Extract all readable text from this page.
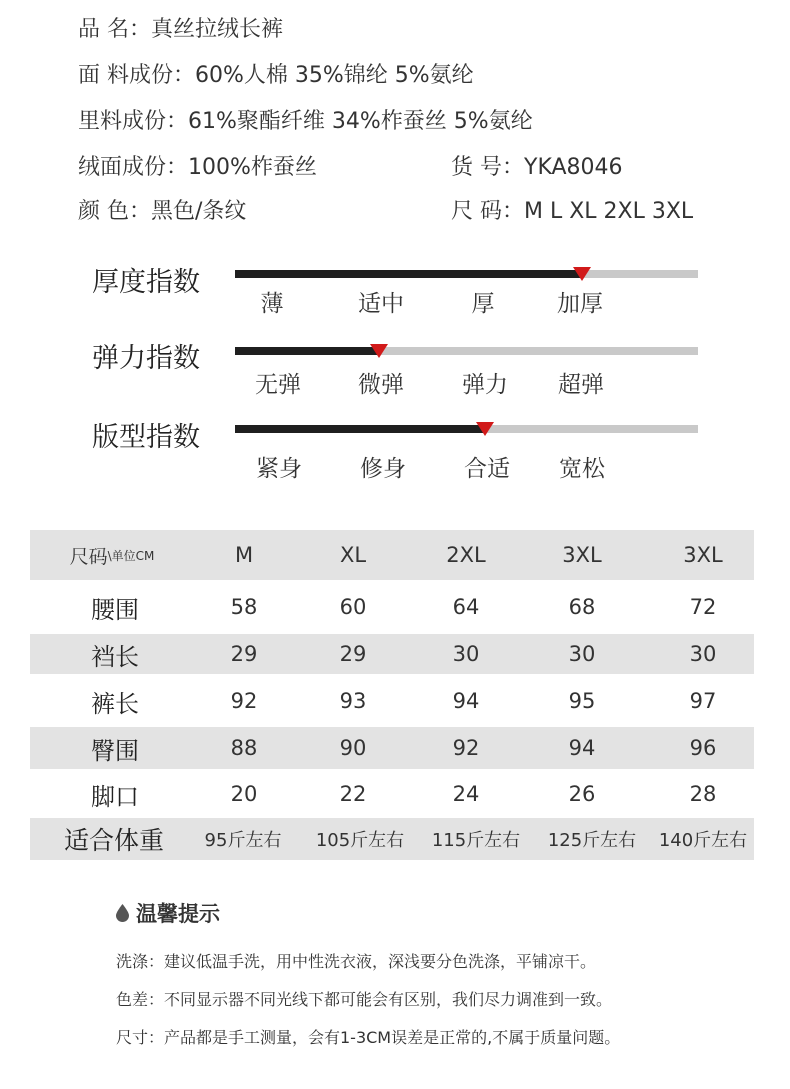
品 名：真丝拉绒长裤
面 料成份：60%人棉 35%锦纶 5%氨纶
里料成份：61%聚酯纤维 34%柞蚕丝 5%氨纶
绒面成份：100%柞蚕丝	货 号：YKA8046
颜 色：黑色/条纹	尺 码：M L XL 2XL 3XL
厚度指数
薄	适中	厚	加厚
弹力指数
无弹 微弹	弹力 超弹
版型指数
紧身	修身	合适 宽松
尺码 \单位CM	M	XL	2XL	3XL	3XL
腰围	58	60	64	68	72
裆长	29	29	30	30	30
裤长	92	93	94	95	97
臀围	88	90	92	94	96
脚口	20	22	24	26	28
适合体重 95斤左右 105斤左右 115斤左右 125斤左右 140斤左右
温馨提示
洗涤：建议低温手洗，用中性洗衣液，深浅要分色洗涤，平铺凉干。
色差：不同显示器不同光线下都可能会有区别，我们尽力调准到一致。
尺寸：产品都是手工测量，会有1-3CM误差是正常的,不属于质量问题。
